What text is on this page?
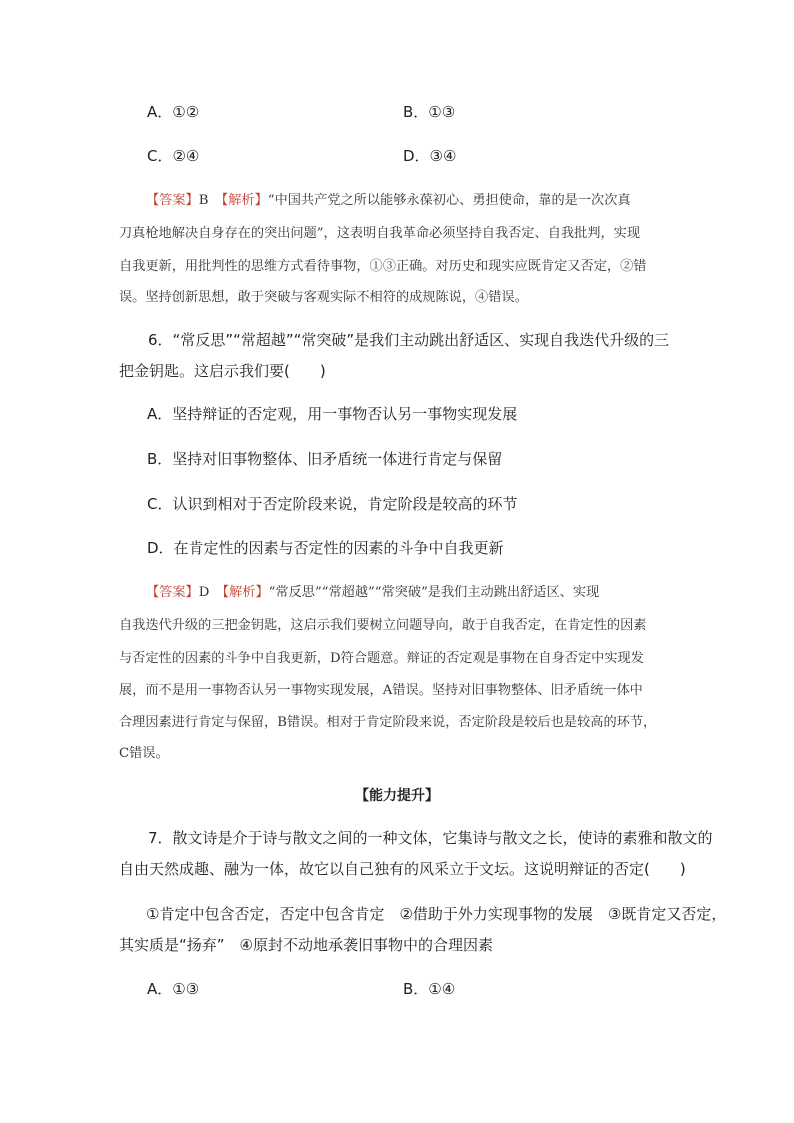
A．①②	B．①③
C．②④	D．③④
【答案】B　 【解析】“中国共产党之所以能够永葆初心、勇担使命，靠的是一次次真
刀真枪地解决自身存在的突出问题”，这表明自我革命必须坚持自我否定、自我批判，实现
自我更新，用批判性的思维方式看待事物，①③正确。对历史和现实应既肯定又否定，②错
误。坚持创新思想，敢于突破与客观实际不相符的成规陈说，④错误。
6．“常反思”“常超越”“常突破”是我们主动跳出舒适区、实现自我迭代升级的三
把金钥匙。这启示我们要(　　)
A．坚持辩证的否定观，用一事物否认另一事物实现发展
B．坚持对旧事物整体、旧矛盾统一体进行肯定与保留
C．认识到相对于否定阶段来说，肯定阶段是较高的环节
D．在肯定性的因素与否定性的因素的斗争中自我更新
【答案】D　 【解析】“常反思”“常超越”“常突破”是我们主动跳出舒适区、实现
自我迭代升级的三把金钥匙，这启示我们要树立问题导向，敢于自我否定，在肯定性的因素
与否定性的因素的斗争中自我更新，D符合题意。辩证的否定观是事物在自身否定中实现发
展，而不是用一事物否认另一事物实现发展，A错误。坚持对旧事物整体、旧矛盾统一体中
合理因素进行肯定与保留，B错误。相对于肯定阶段来说，否定阶段是较后也是较高的环节，
C错误。
【能力提升】
7．散文诗是介于诗与散文之间的一种文体，它集诗与散文之长，使诗的素雅和散文的
自由天然成趣、融为一体，故它以自己独有的风采立于文坛。这说明辩证的否定(　　)
①肯定中包含否定，否定中包含肯定　②借助于外力实现事物的发展　③既肯定又否定，
其实质是“扬弃”　④原封不动地承袭旧事物中的合理因素
A．①③	B．①④
